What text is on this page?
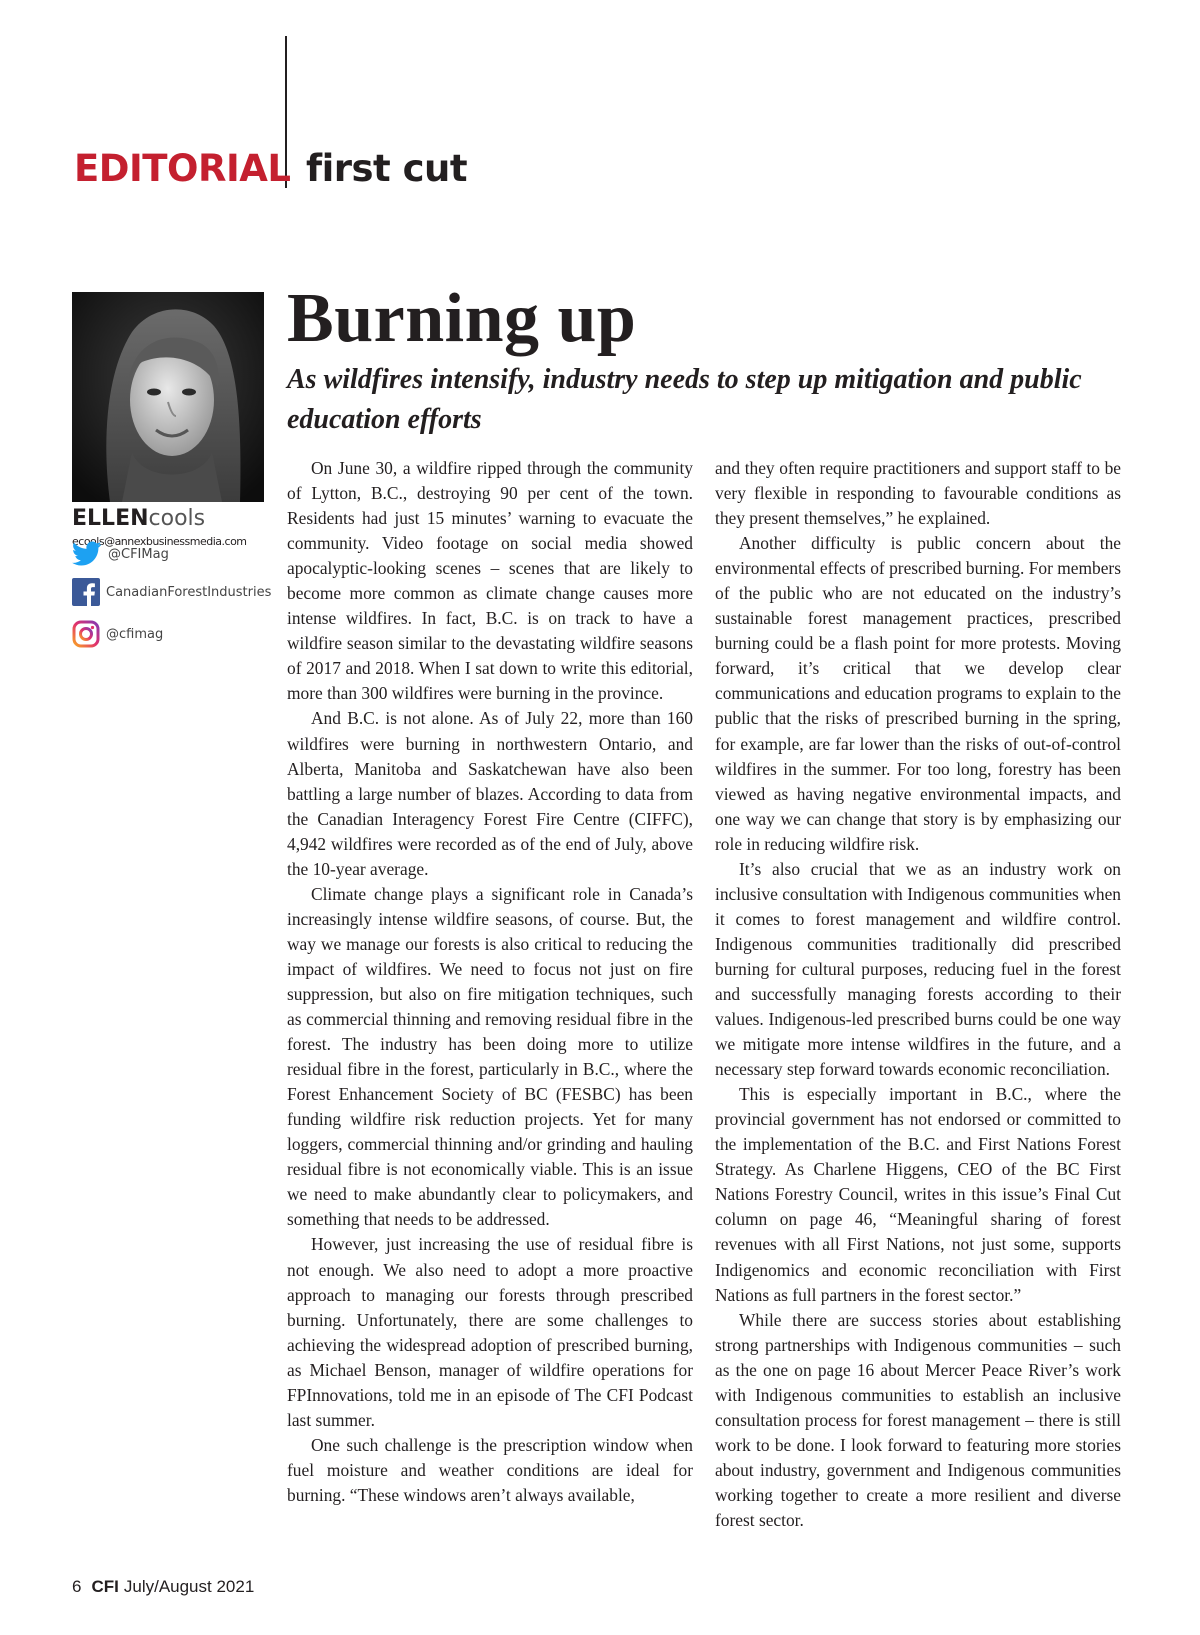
EDITORIAL first cut
ELLENcools
ecools@annexbusinessmedia.com
@CFIMag
CanadianForestIndustries
@cfimag
Burning up
As wildfires intensify, industry needs to step up mitigation and public education efforts

On June 30, a wildfire ripped through the community of Lytton, B.C., destroying 90 per cent of the town. Residents had just 15 minutes’ warning to evacuate the community. Video footage on social media showed apocalyptic-looking scenes – scenes that are likely to become more common as climate change causes more intense wildfires. In fact, B.C. is on track to have a wildfire season similar to the devastating wildfire seasons of 2017 and 2018. When I sat down to write this editorial, more than 300 wildfires were burning in the province.

And B.C. is not alone. As of July 22, more than 160 wildfires were burning in northwestern Ontario, and Alberta, Manitoba and Saskatchewan have also been battling a large number of blazes. According to data from the Canadian Interagency Forest Fire Centre (CIFFC), 4,942 wildfires were recorded as of the end of July, above the 10-year average.

Climate change plays a significant role in Canada’s increasingly intense wildfire seasons, of course. But, the way we manage our forests is also critical to reducing the impact of wildfires. We need to focus not just on fire suppression, but also on fire mitigation techniques, such as commercial thinning and removing residual fibre in the forest. The industry has been doing more to utilize residual fibre in the forest, particularly in B.C., where the Forest Enhancement Society of BC (FESBC) has been funding wildfire risk reduction projects. Yet for many loggers, commercial thinning and/or grinding and hauling residual fibre is not economically viable. This is an issue we need to make abundantly clear to policymakers, and something that needs to be addressed.

However, just increasing the use of residual fibre is not enough. We also need to adopt a more proactive approach to managing our forests through prescribed burning. Unfortunately, there are some challenges to achieving the widespread adoption of prescribed burning, as Michael Benson, manager of wildfire operations for FPInnovations, told me in an episode of The CFI Podcast last summer.

One such challenge is the prescription window when fuel moisture and weather conditions are ideal for burning. “These windows aren’t always available,

and they often require practitioners and support staff to be very flexible in responding to favourable conditions as they present themselves,” he explained.

Another difficulty is public concern about the environmental effects of prescribed burning. For members of the public who are not educated on the industry’s sustainable forest management practices, prescribed burning could be a flash point for more protests. Moving forward, it’s critical that we develop clear communications and education programs to explain to the public that the risks of prescribed burning in the spring, for example, are far lower than the risks of out-of-control wildfires in the summer. For too long, forestry has been viewed as having negative environmental impacts, and one way we can change that story is by emphasizing our role in reducing wildfire risk.

It’s also crucial that we as an industry work on inclusive consultation with Indigenous communities when it comes to forest management and wildfire control. Indigenous communities traditionally did prescribed burning for cultural purposes, reducing fuel in the forest and successfully managing forests according to their values. Indigenous-led prescribed burns could be one way we mitigate more intense wildfires in the future, and a necessary step forward towards economic reconciliation.

This is especially important in B.C., where the provincial government has not endorsed or committed to the implementation of the B.C. and First Nations Forest Strategy. As Charlene Higgens, CEO of the BC First Nations Forestry Council, writes in this issue’s Final Cut column on page 46, “Meaningful sharing of forest revenues with all First Nations, not just some, supports Indigenomics and economic reconciliation with First Nations as full partners in the forest sector.”

While there are success stories about establishing strong partnerships with Indigenous communities – such as the one on page 16 about Mercer Peace River’s work with Indigenous communities to establish an inclusive consultation process for forest management – there is still work to be done. I look forward to featuring more stories about industry, government and Indigenous communities working together to create a more resilient and diverse forest sector.

6 CFI July/August 2021
